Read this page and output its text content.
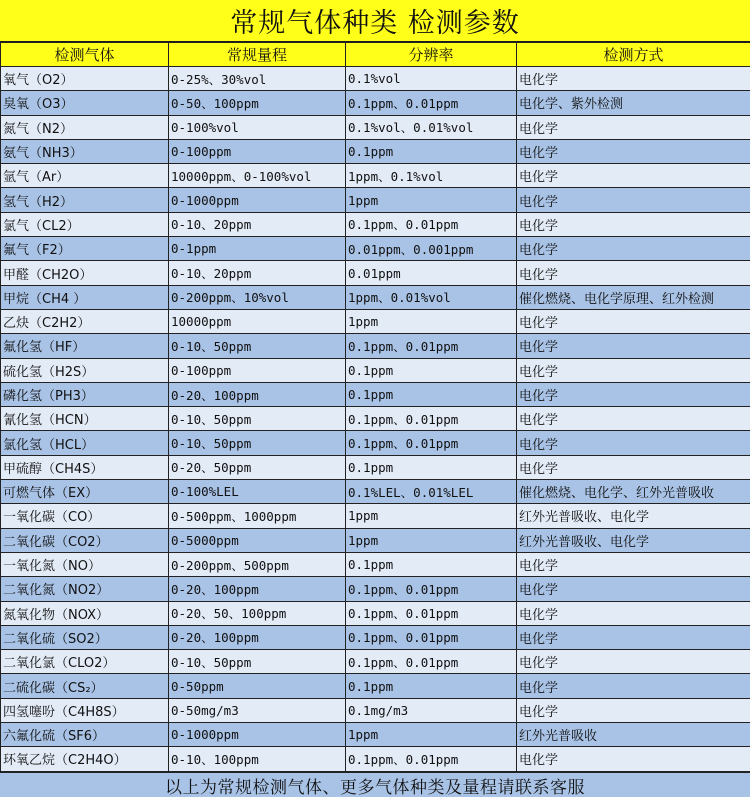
常规气体种类 检测参数
检测气体	常规量程	分辨率	检测方式
氧气（O2）	0-25%、30%vol	0.1%vol	电化学
臭氧（O3）	0-50、100ppm	0.1ppm、0.01ppm	电化学、紫外检测
氮气（N2）	0-100%vol	0.1%vol、0.01%vol	电化学
氨气（NH3）	0-100ppm	0.1ppm	电化学
氩气（Ar）	10000ppm、0-100%vol	1ppm、0.1%vol	电化学
氢气（H2）	0-1000ppm	1ppm	电化学
氯气（CL2）	0-10、20ppm	0.1ppm、0.01ppm	电化学
氟气（F2）	0-1ppm	0.01ppm、0.001ppm	电化学
甲醛（CH2O）	0-10、20ppm	0.01ppm	电化学
甲烷（CH4 ）	0-200ppm、10%vol	1ppm、0.01%vol	催化燃烧、电化学原理、红外检测
乙炔（C2H2）	10000ppm	1ppm	电化学
氟化氢（HF）	0-10、50ppm	0.1ppm、0.01ppm	电化学
硫化氢（H2S）	0-100ppm	0.1ppm	电化学
磷化氢（PH3）	0-20、100ppm	0.1ppm	电化学
氰化氢（HCN）	0-10、50ppm	0.1ppm、0.01ppm	电化学
氯化氢（HCL）	0-10、50ppm	0.1ppm、0.01ppm	电化学
甲硫醇（CH4S）	0-20、50ppm	0.1ppm	电化学
可燃气体（EX）	0-100%LEL	0.1%LEL、0.01%LEL	催化燃烧、电化学、红外光普吸收
一氧化碳（CO）	0-500ppm、1000ppm	1ppm	红外光普吸收、电化学
二氧化碳（CO2）	0-5000ppm	1ppm	红外光普吸收、电化学
一氧化氮（NO）	0-200ppm、500ppm	0.1ppm	电化学
二氧化氮（NO2）	0-20、100ppm	0.1ppm、0.01ppm	电化学
氮氧化物（NOX）	0-20、50、100ppm	0.1ppm、0.01ppm	电化学
二氧化硫（SO2）	0-20、100ppm	0.1ppm、0.01ppm	电化学
二氧化氯（CLO2）	0-10、50ppm	0.1ppm、0.01ppm	电化学
二硫化碳（CS₂）	0-50ppm	0.1ppm	电化学
四氢噻吩（C4H8S）	0-50mg/m3	0.1mg/m3	电化学
六氟化硫（SF6）	0-1000ppm	1ppm	红外光普吸收
环氧乙烷（C2H4O）	0-10、100ppm	0.1ppm、0.01ppm	电化学
以上为常规检测气体、更多气体种类及量程请联系客服
